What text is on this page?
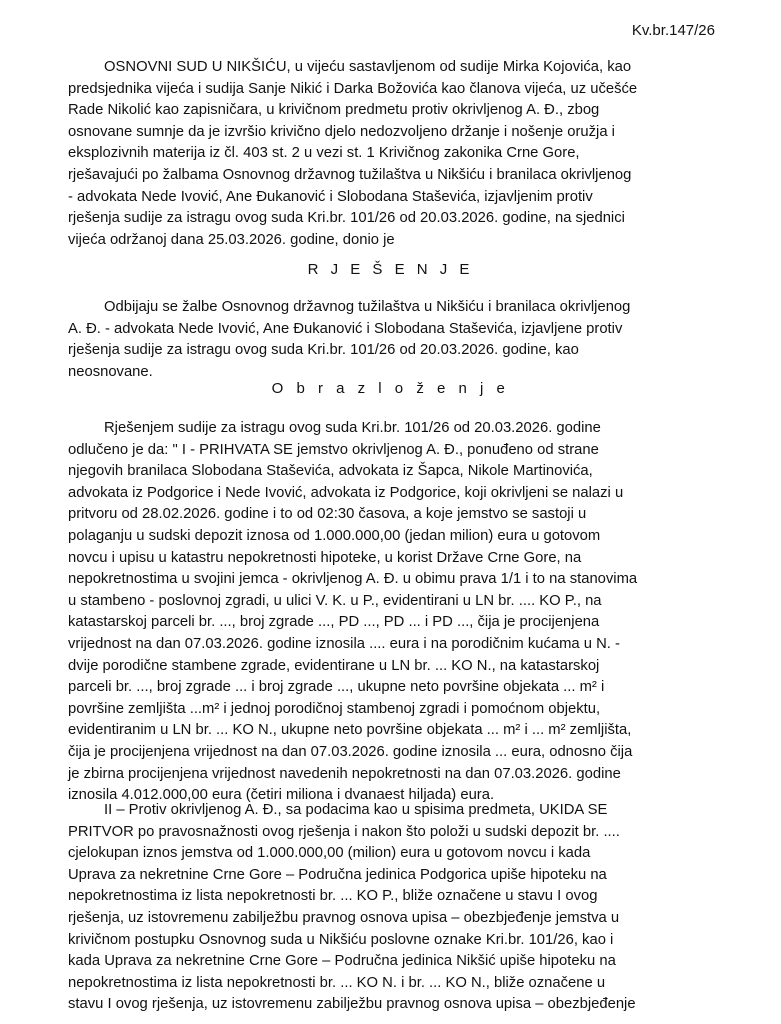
Kv.br.147/26

OSNOVNI SUD U NIKŠIĆU, u vijeću sastavljenom od sudije Mirka Kojovića, kao
predsjednika vijeća i sudija Sanje Nikić i Darka Božovića kao članova vijeća, uz učešće
Rade Nikolić kao zapisničara, u krivičnom predmetu protiv okrivljenog A. Đ., zbog
osnovane sumnje da je izvršio krivično djelo nedozvoljeno držanje i nošenje oružja i
eksplozivnih materija iz čl. 403 st. 2 u vezi st. 1 Krivičnog zakonika Crne Gore,
rješavajući po žalbama Osnovnog državnog tužilaštva u Nikšiću i branilaca okrivljenog
- advokata Nede Ivović, Ane Đukanović i Slobodana Staševića, izjavljenim protiv
rješenja sudije za istragu ovog suda Kri.br. 101/26 od 20.03.2026. godine, na sjednici
vijeća održanoj dana 25.03.2026. godine, donio je

R J E Š E N J E

Odbijaju se žalbe Osnovnog državnog tužilaštva u Nikšiću i branilaca okrivljenog
A. Đ. - advokata Nede Ivović, Ane Đukanović i Slobodana Staševića, izjavljene protiv
rješenja sudije za istragu ovog suda Kri.br. 101/26 od 20.03.2026. godine, kao
neosnovane.

O b r a z l o ž e n j e

Rješenjem sudije za istragu ovog suda Kri.br. 101/26 od 20.03.2026. godine
odlučeno je da: " I - PRIHVATA SE jemstvo okrivljenog A. Đ., ponuđeno od strane
njegovih branilaca Slobodana Staševića, advokata iz Šapca, Nikole Martinovića,
advokata iz Podgorice i Nede Ivović, advokata iz Podgorice, koji okrivljeni se nalazi u
pritvoru od 28.02.2026. godine i to od 02:30 časova, a koje jemstvo se sastoji u
polaganju u sudski depozit iznosa od 1.000.000,00 (jedan milion) eura u gotovom
novcu i upisu u katastru nepokretnosti hipoteke, u korist Države Crne Gore, na
nepokretnostima u svojini jemca - okrivljenog A. Đ. u obimu prava 1/1 i to na stanovima
u stambeno - poslovnoj zgradi, u ulici V. K. u P., evidentirani u LN br. .... KO P., na
katastarskoj parceli br. ..., broj zgrade ..., PD ..., PD ... i PD ..., čija je procijenjena
vrijednost na dan 07.03.2026. godine iznosila .... eura i na porodičnim kućama u N. -
dvije porodične stambene zgrade, evidentirane u LN br. ... KO N., na katastarskoj
parceli br. ..., broj zgrade ... i broj zgrade ..., ukupne neto površine objekata ... m² i
površine zemljišta ...m² i jednoj porodičnoj stambenoj zgradi i pomoćnom objektu,
evidentiranim u LN br. ... KO N., ukupne neto površine objekata ... m² i ... m² zemljišta,
čija je procijenjena vrijednost na dan 07.03.2026. godine iznosila ... eura, odnosno čija
je zbirna procijenjena vrijednost navedenih nepokretnosti na dan 07.03.2026. godine
iznosila 4.012.000,00 eura (četiri miliona i dvanaest hiljada) eura.
II – Protiv okrivljenog A. Đ., sa podacima kao u spisima predmeta, UKIDA SE
PRITVOR po pravosnažnosti ovog rješenja i nakon što položi u sudski depozit br. ....
cjelokupan iznos jemstva od 1.000.000,00 (milion) eura u gotovom novcu i kada
Uprava za nekretnine Crne Gore – Područna jedinica Podgorica upiše hipoteku na
nepokretnostima iz lista nepokretnosti br. ... KO P., bliže označene u stavu I ovog
rješenja, uz istovremenu zabilježbu pravnog osnova upisa – obezbjeđenje jemstva u
krivičnom postupku Osnovnog suda u Nikšiću poslovne oznake Kri.br. 101/26, kao i
kada Uprava za nekretnine Crne Gore – Područna jedinica Nikšić upiše hipoteku na
nepokretnostima iz lista nepokretnosti br. ... KO N. i br. ... KO N., bliže označene u
stavu I ovog rješenja, uz istovremenu zabilježbu pravnog osnova upisa – obezbjeđenje
